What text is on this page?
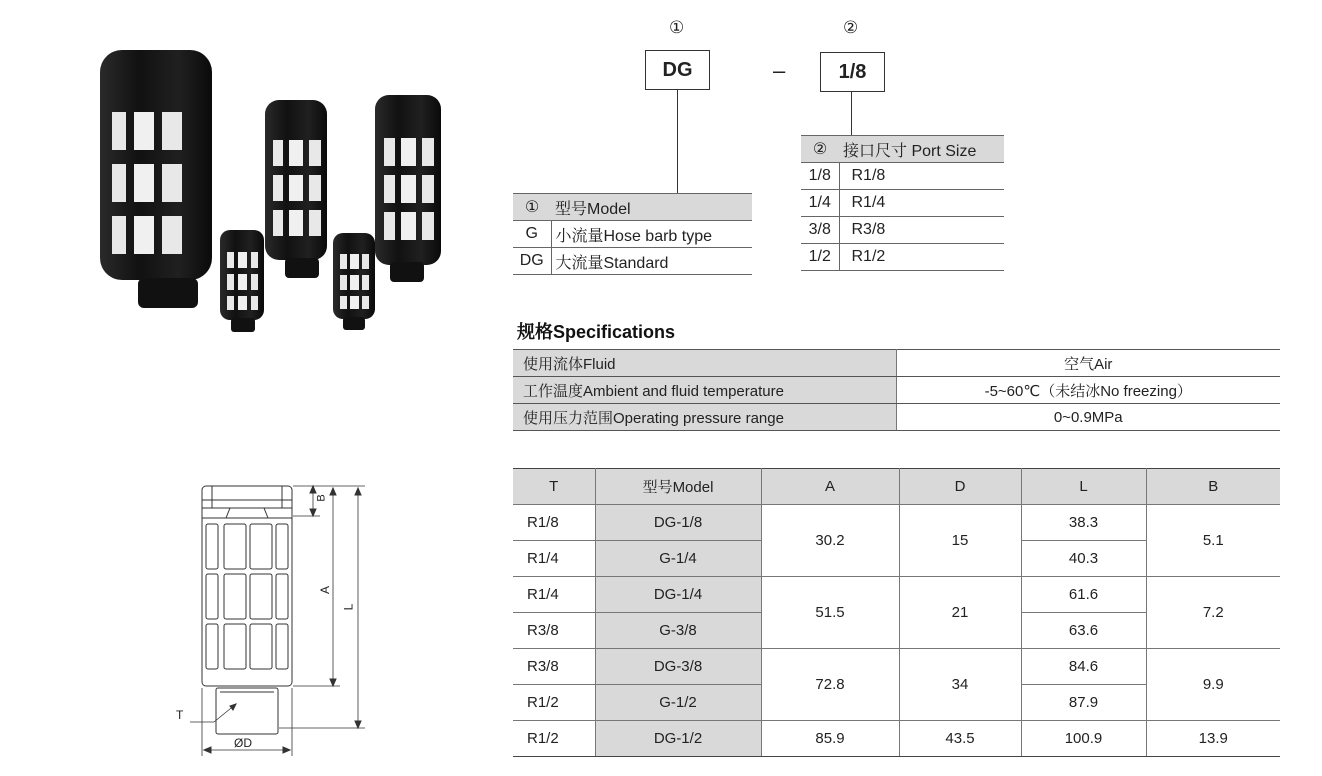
①
DG	–
②
1/8
①	型号Model
G	小流量Hose barb type
DG	大流量Standard
②	接口尺寸 Port Size
1/8	R1/8
1/4	R1/4
3/8	R3/8
1/2	R1/2
规格Specifications
使用流体Fluid	空气Air
工作温度Ambient and fluid temperature	-5~60℃（未结冰No freezing）
使用压力范围Operating pressure range	0~0.9MPa
B
A
L
T
ØD
T	型号Model	A	D	L	B
R1/8	DG-1/8	30.2	15	38.3	5.1
R1/4	G-1/4			40.3	
R1/4	DG-1/4	51.5	21	61.6	7.2
R3/8	G-3/8			63.6	
R3/8	DG-3/8	72.8	34	84.6	9.9
R1/2	G-1/2			87.9	
R1/2	DG-1/2	85.9	43.5	100.9	13.9
